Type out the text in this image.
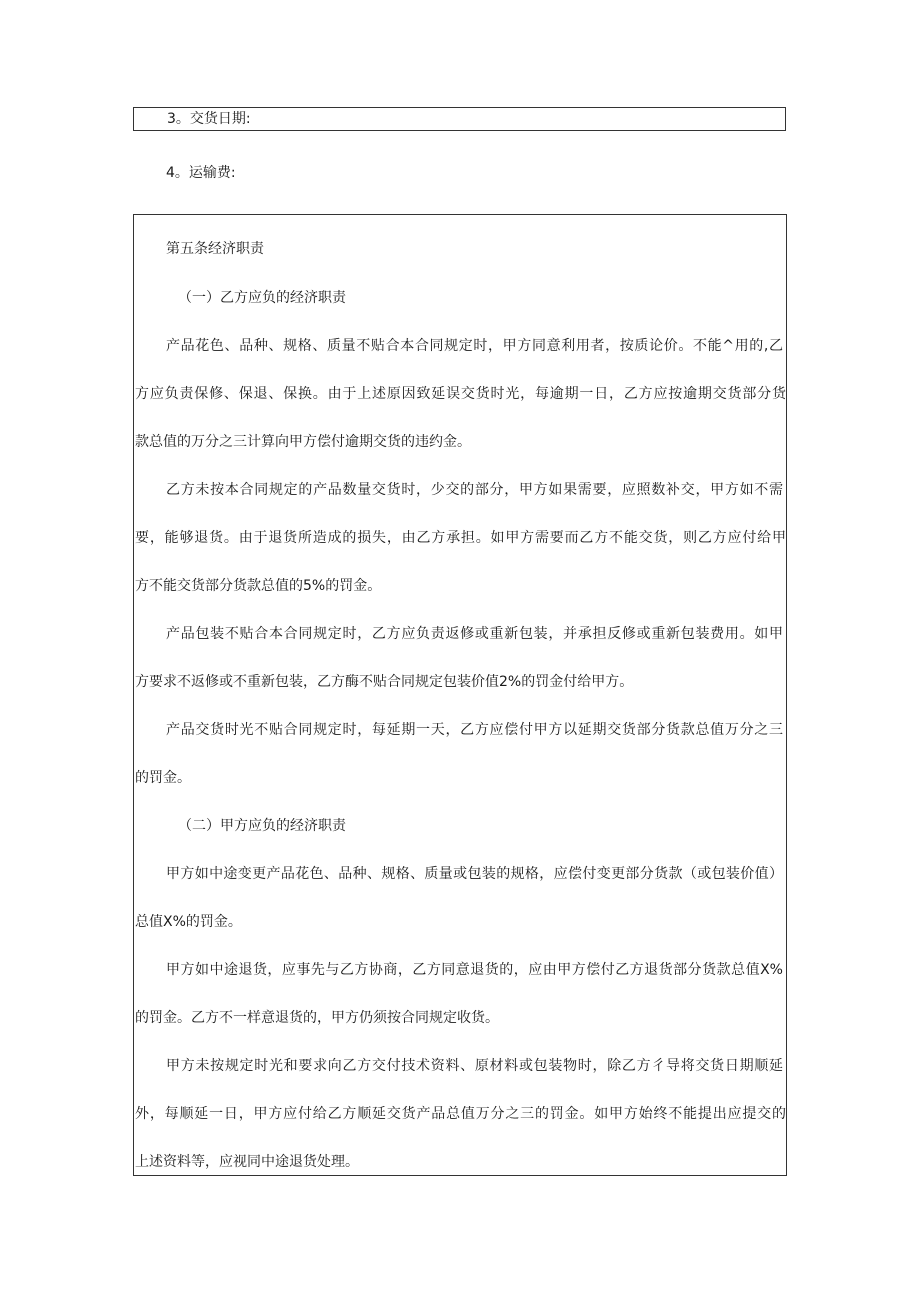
3。交货日期:
4。运输费:
第五条经济职责
（一）乙方应负的经济职责
产品花色、品种、规格、质量不贴合本合同规定时，甲方同意利用者，按质论价。不能^用的,乙
方应负责保修、保退、保换。由于上述原因致延误交货时光，每逾期一日，乙方应按逾期交货部分货
款总值的万分之三计算向甲方偿付逾期交货的违约金。
乙方未按本合同规定的产品数量交货时，少交的部分，甲方如果需要，应照数补交，甲方如不需
要，能够退货。由于退货所造成的损失，由乙方承担。如甲方需要而乙方不能交货，则乙方应付给甲
方不能交货部分货款总值的5%的罚金。
产品包装不贴合本合同规定时，乙方应负责返修或重新包装，并承担反修或重新包装费用。如甲
方要求不返修或不重新包装，乙方酶不贴合同规定包装价值2%的罚金付给甲方。
产品交货时光不贴合同规定时，每延期一天，乙方应偿付甲方以延期交货部分货款总值万分之三
的罚金。
（二）甲方应负的经济职责
甲方如中途变更产品花色、品种、规格、质量或包装的规格，应偿付变更部分货款（或包装价值）
总值X%的罚金。
甲方如中途退货，应事先与乙方协商，乙方同意退货的，应由甲方偿付乙方退货部分货款总值X%
的罚金。乙方不一样意退货的，甲方仍须按合同规定收货。
甲方未按规定时光和要求向乙方交付技术资料、原材料或包装物时，除乙方彳导将交货日期顺延
外，每顺延一日，甲方应付给乙方顺延交货产品总值万分之三的罚金。如甲方始终不能提出应提交的
上述资料等，应视同中途退货处理。
